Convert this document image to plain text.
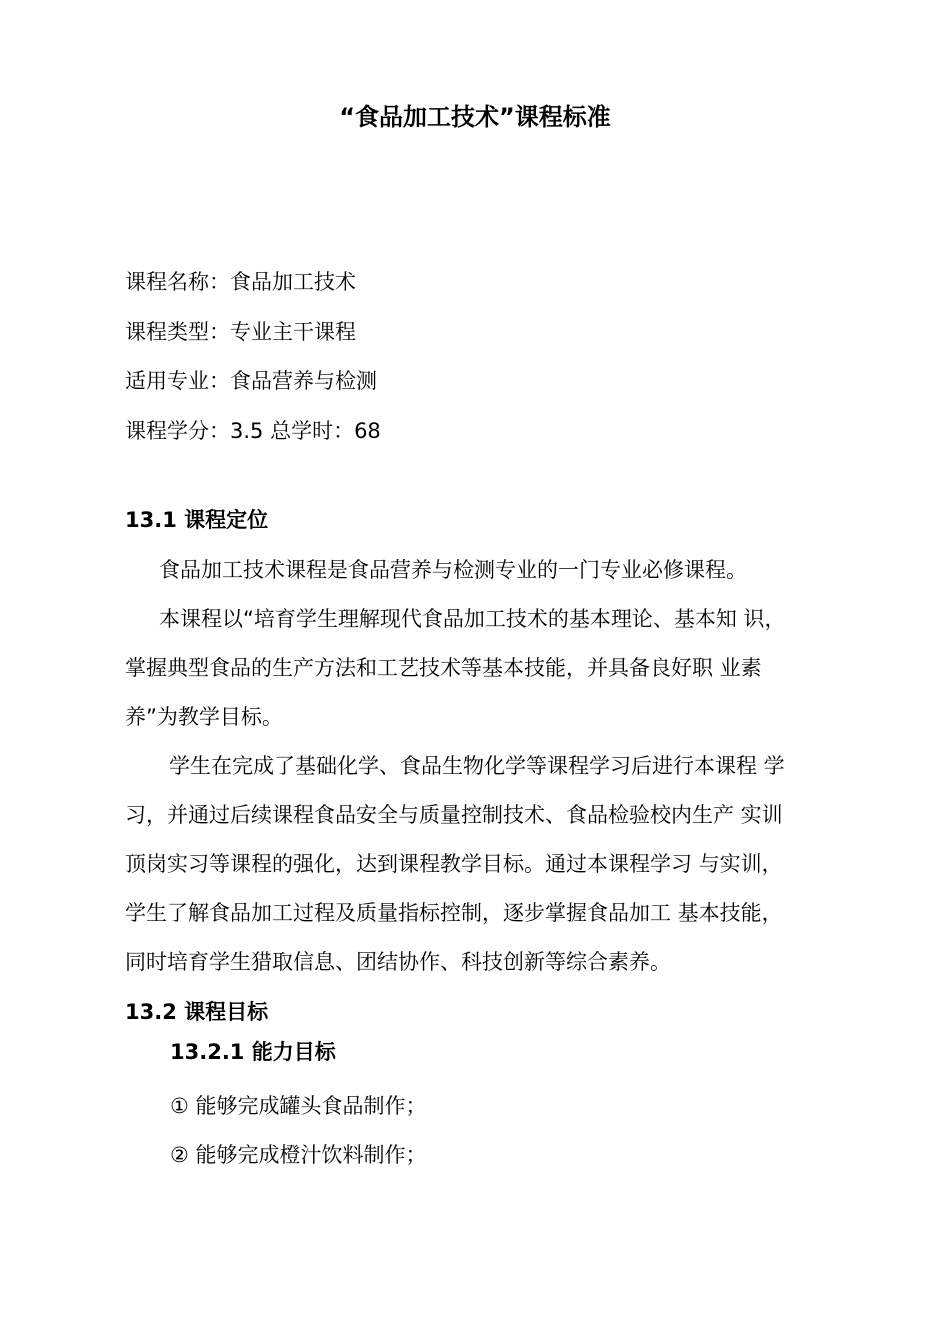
“食品加工技术”课程标准
课程名称：食品加工技术
课程类型：专业主干课程
适用专业：食品营养与检测
课程学分：3.5 总学时：68
13.1 课程定位

食品加工技术课程是食品营养与检测专业的一门专业必修课程。

本课程以“培育学生理解现代食品加工技术的基本理论、基本知 识，
掌握典型食品的生产方法和工艺技术等基本技能，并具备良好职 业素
养”为教学目标。

学生在完成了基础化学、食品生物化学等课程学习后进行本课程 学
习，并通过后续课程食品安全与质量控制技术、食品检验校内生产 实训
顶岗实习等课程的强化，达到课程教学目标。通过本课程学习 与实训，
学生了解食品加工过程及质量指标控制，逐步掌握食品加工 基本技能，
同时培育学生猎取信息、团结协作、科技创新等综合素养。

13.2 课程目标
13.2.1 能力目标
① 能够完成罐头食品制作；
② 能够完成橙汁饮料制作；
